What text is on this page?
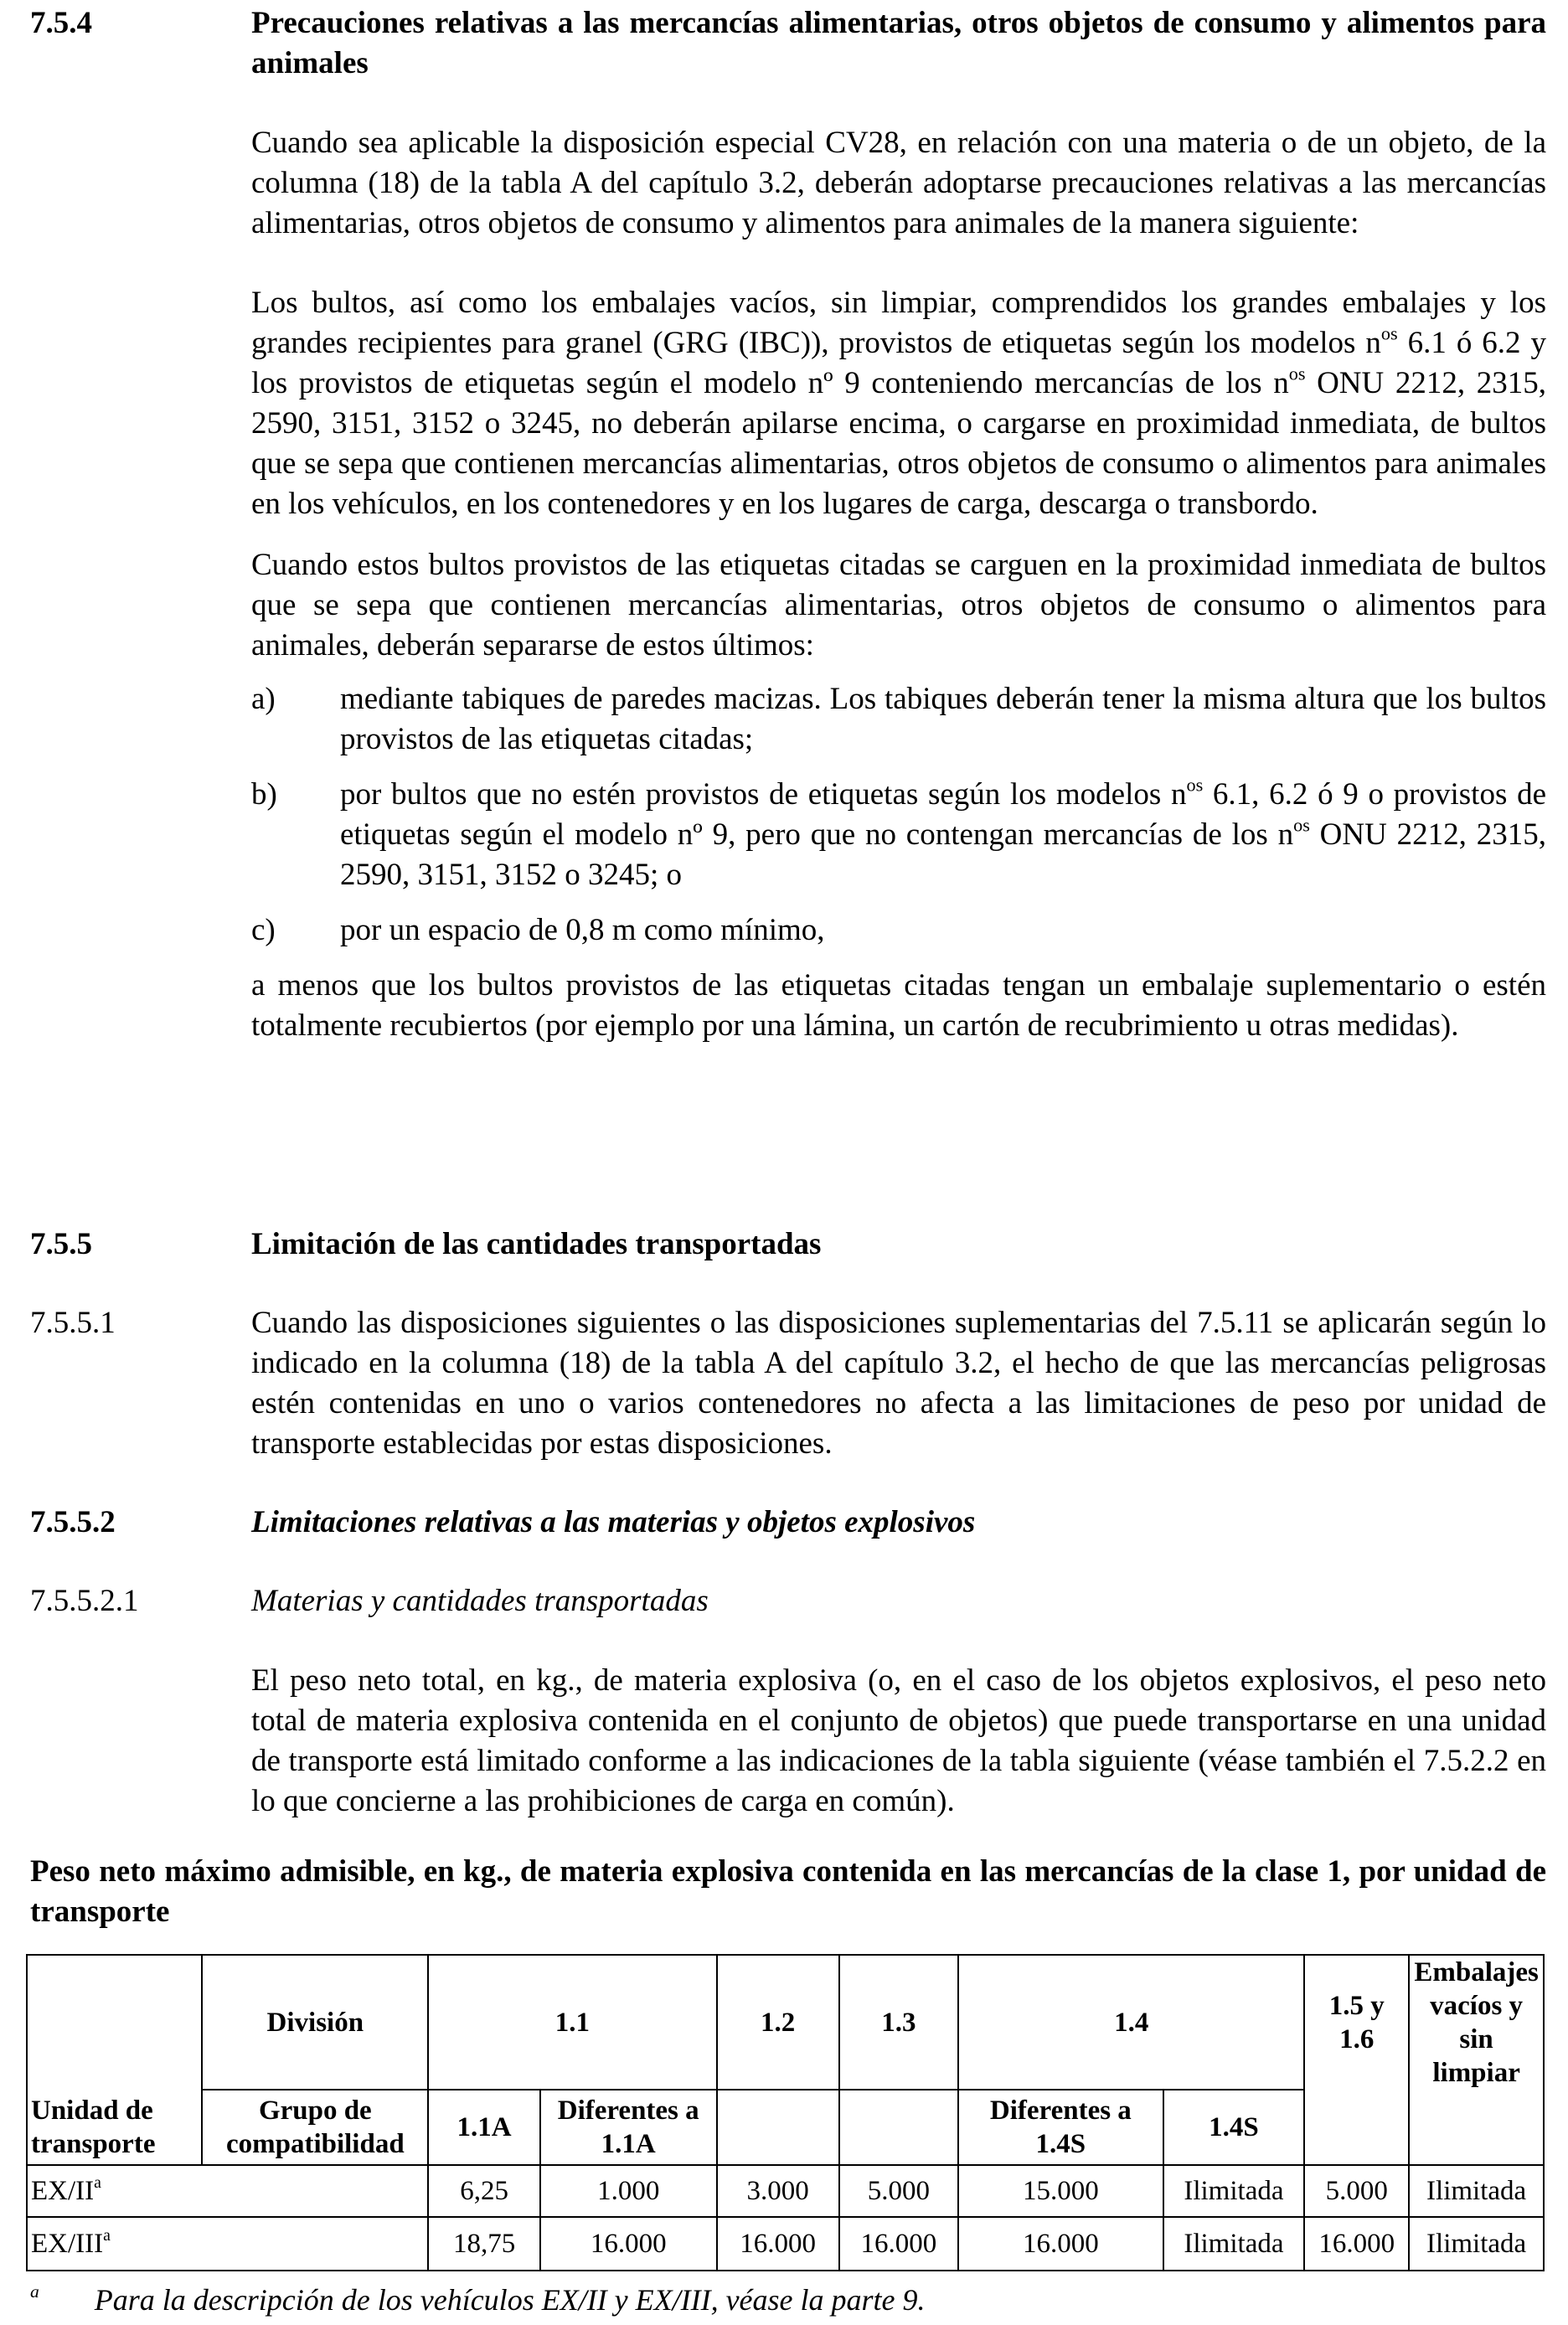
7.5.4	Precauciones relativas a las mercancías alimentarias, otros objetos de consumo y alimentos para animales

Cuando sea aplicable la disposición especial CV28, en relación con una materia o de un objeto, de la columna (18) de la tabla A del capítulo 3.2, deberán adoptarse precauciones relativas a las mercancías alimentarias, otros objetos de consumo y alimentos para animales de la manera siguiente:

Los bultos, así como los embalajes vacíos, sin limpiar, comprendidos los grandes embalajes y los grandes recipientes para granel (GRG (IBC)), provistos de etiquetas según los modelos $n^{os}$ 6.1 ó 6.2 y los provistos de etiquetas según el modelo nº 9 conteniendo mercancías de los $n^{os}$ ONU 2212, 2315, 2590, 3151, 3152 o 3245, no deberán apilarse encima, o cargarse en proximidad inmediata, de bultos que se sepa que contienen mercancías alimentarias, otros objetos de consumo o alimentos para animales en los vehículos, en los contenedores y en los lugares de carga, descarga o transbordo.

Cuando estos bultos provistos de las etiquetas citadas se carguen en la proximidad inmediata de bultos que se sepa que contienen mercancías alimentarias, otros objetos de consumo o alimentos para animales, deberán separarse de estos últimos:

a) mediante tabiques de paredes macizas. Los tabiques deberán tener la misma altura que los bultos provistos de las etiquetas citadas;
b) por bultos que no estén provistos de etiquetas según los modelos $n^{os}$ 6.1, 6.2 ó 9 o provistos de etiquetas según el modelo nº 9, pero que no contengan mercancías de los $n^{os}$ ONU 2212, 2315, 2590, 3151, 3152 o 3245; o
c) por un espacio de 0,8 m como mínimo,

a menos que los bultos provistos de las etiquetas citadas tengan un embalaje suplementario o estén totalmente recubiertos (por ejemplo por una lámina, un cartón de recubrimiento u otras medidas).

7.5.5	Limitación de las cantidades transportadas
7.5.5.1	Cuando las disposiciones siguientes o las disposiciones suplementarias del 7.5.11 se aplicarán según lo indicado en la columna (18) de la tabla A del capítulo 3.2, el hecho de que las mercancías peligrosas estén contenidas en uno o varios contenedores no afecta a las limitaciones de peso por unidad de transporte establecidas por estas disposiciones.
7.5.5.2	Limitaciones relativas a las materias y objetos explosivos
7.5.5.2.1	Materias y cantidades transportadas

El peso neto total, en kg., de materia explosiva (o, en el caso de los objetos explosivos, el peso neto total de materia explosiva contenida en el conjunto de objetos) que puede transportarse en una unidad de transporte está limitado conforme a las indicaciones de la tabla siguiente (véase también el 7.5.2.2 en lo que concierne a las prohibiciones de carga en común).

Peso neto máximo admisible, en kg., de materia explosiva contenida en las mercancías de la clase 1, por unidad de transporte
	División	1.1		1.2	1.3	1.4		1.5 y 1.6	Embalajes vacíos y sin limpiar
Unidad de transporte	Grupo de compatibilidad	1.1A	Diferentes a 1.1A			Diferentes a 1.4S	1.4S		
$EX/II^a$		6,25	1.000	3.000	5.000	15.000	Ilimitada	5.000	Ilimitada
EX/III$^a$		18,75	16.000	16.000	16.000	16.000	Ilimitada	16.000	Ilimitada
$^a$ Para la descripción de los vehículos EX/II y EX/III, véase la parte 9.
